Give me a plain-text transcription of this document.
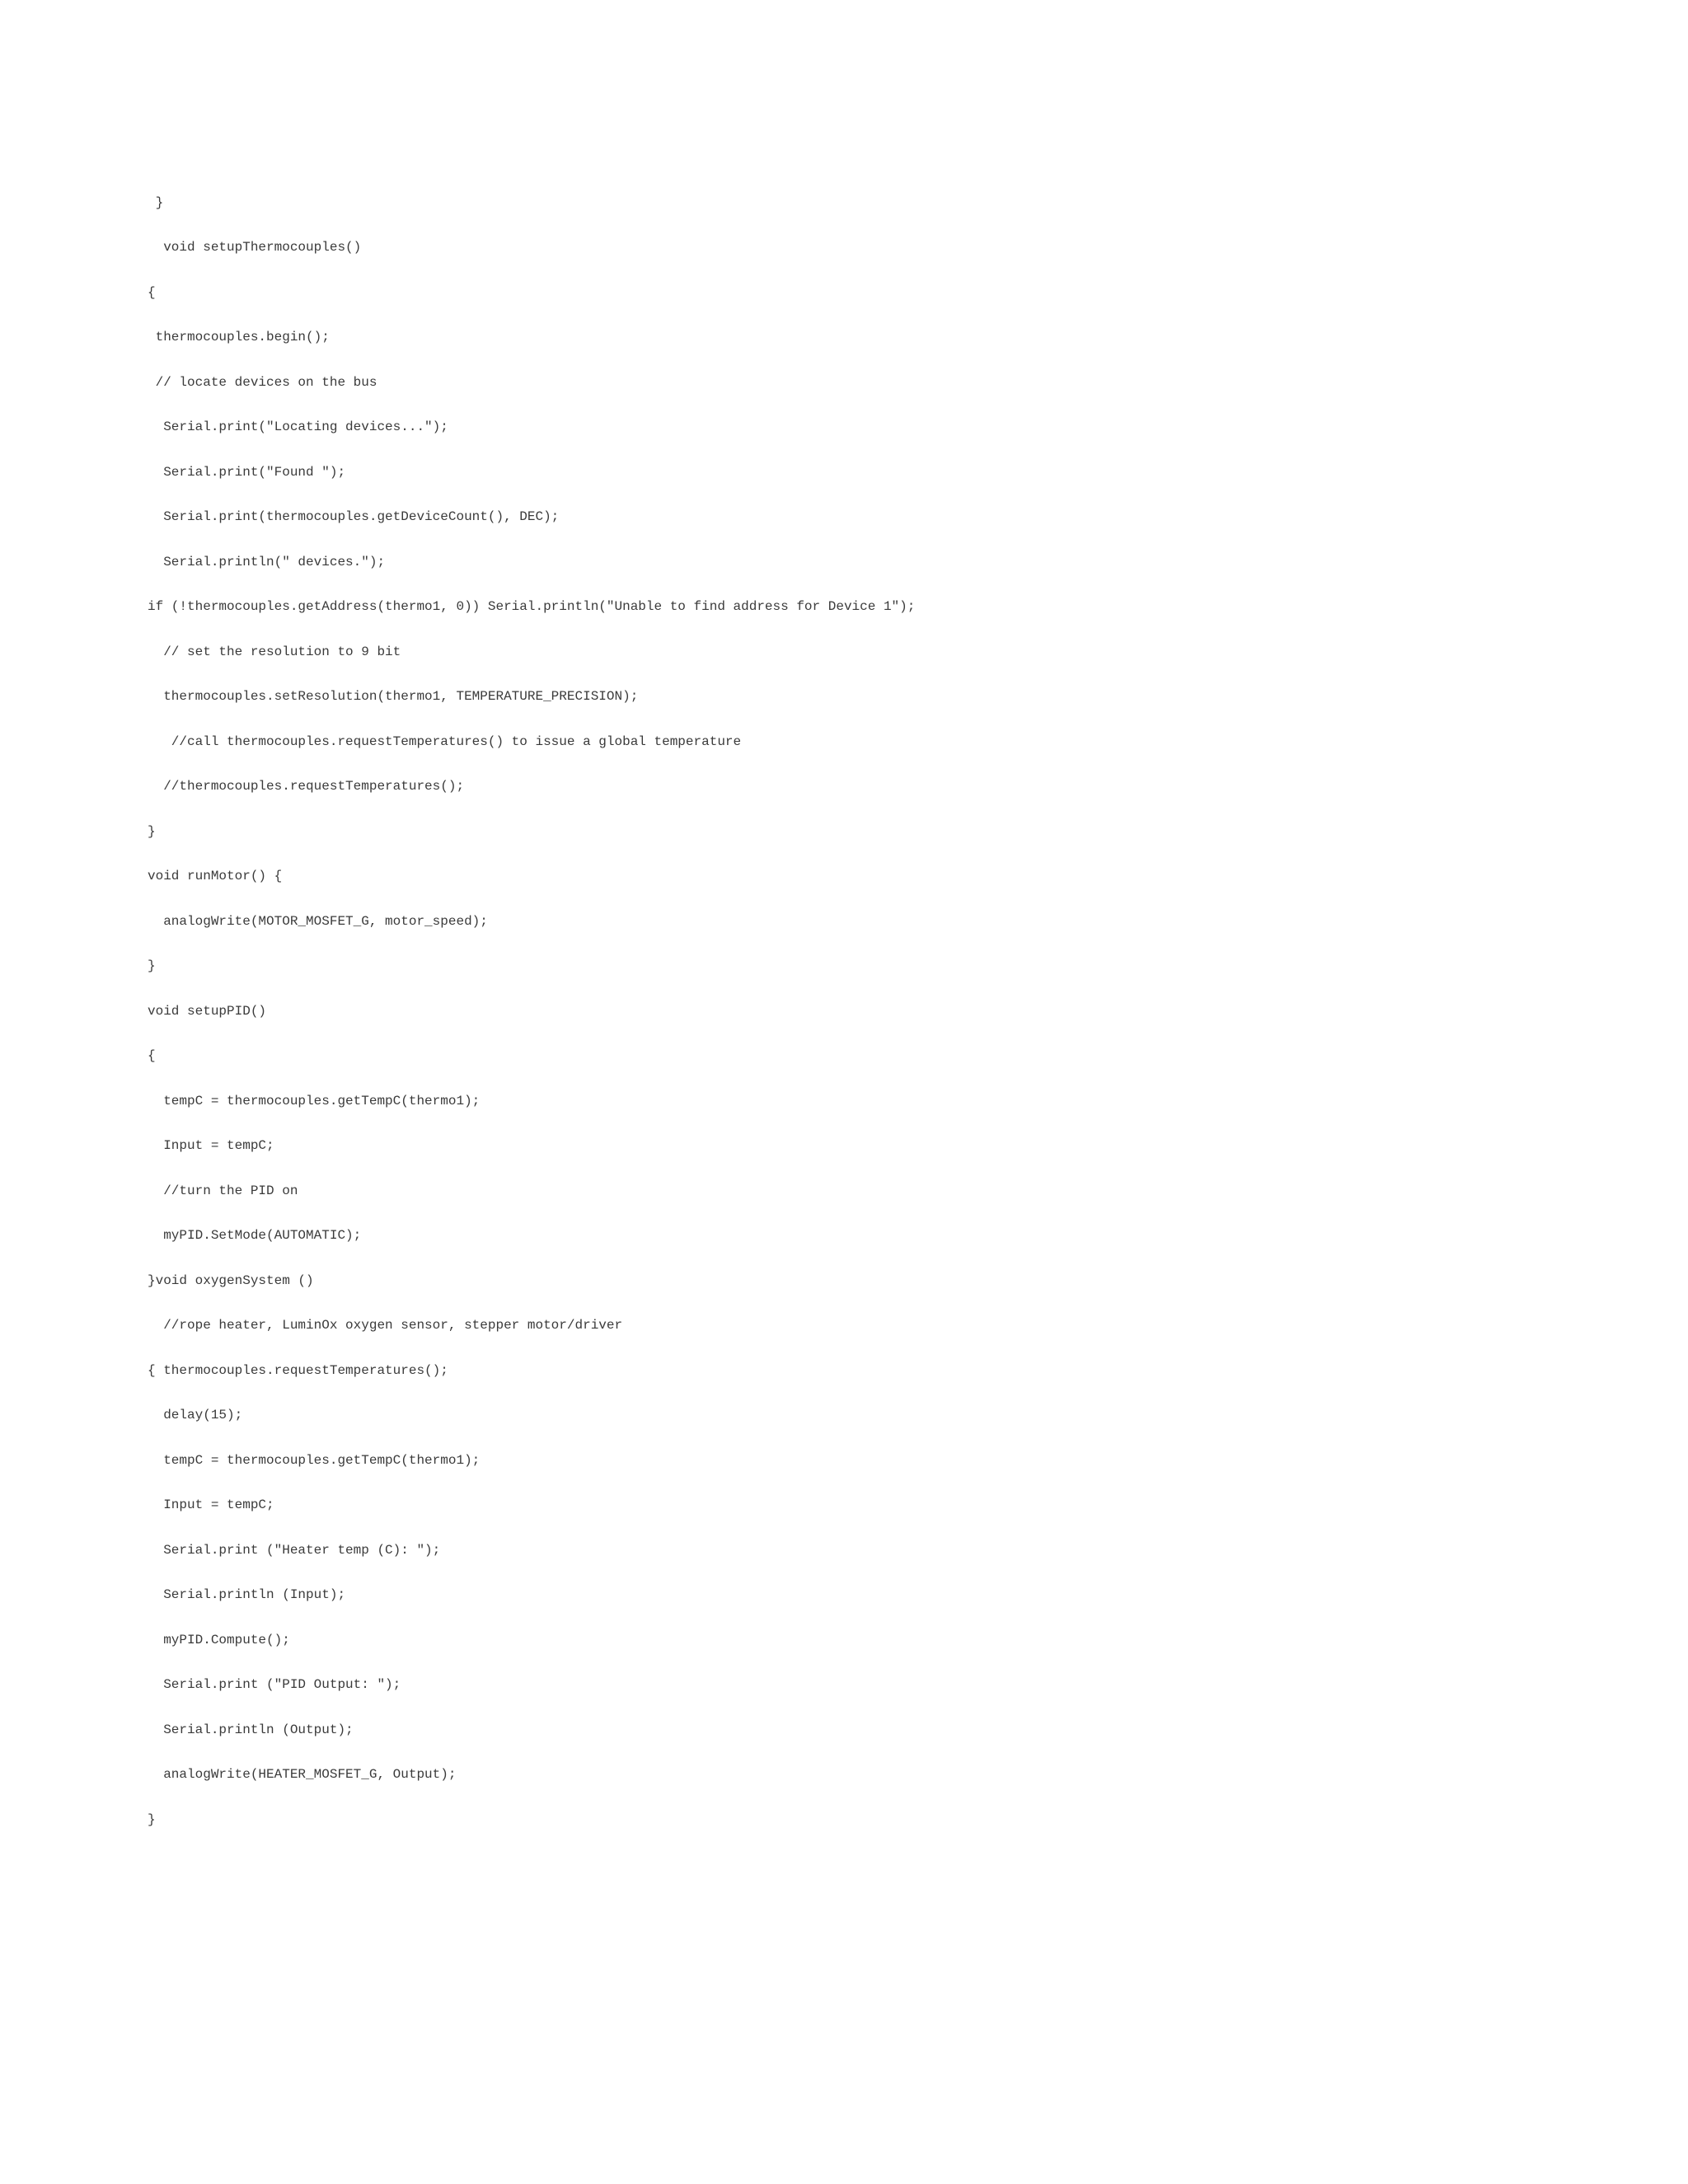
}
void setupThermocouples()
{
thermocouples.begin();
// locate devices on the bus
Serial.print("Locating devices...");
Serial.print("Found ");
Serial.print(thermocouples.getDeviceCount(), DEC);
Serial.println(" devices.");
if (!thermocouples.getAddress(thermo1, 0)) Serial.println("Unable to find address for Device 1");
// set the resolution to 9 bit
thermocouples.setResolution(thermo1, TEMPERATURE_PRECISION);
//call thermocouples.requestTemperatures() to issue a global temperature
//thermocouples.requestTemperatures();
}
void runMotor() {
analogWrite(MOTOR_MOSFET_G, motor_speed);
}
void setupPID()
{
tempC = thermocouples.getTempC(thermo1);
Input = tempC;
//turn the PID on
myPID.SetMode(AUTOMATIC);
}void oxygenSystem ()
//rope heater, LuminOx oxygen sensor, stepper motor/driver
{ thermocouples.requestTemperatures();
delay(15);
tempC = thermocouples.getTempC(thermo1);
Input = tempC;
Serial.print ("Heater temp (C): ");
Serial.println (Input);
myPID.Compute();
Serial.print ("PID Output: ");
Serial.println (Output);
analogWrite(HEATER_MOSFET_G, Output);
}
